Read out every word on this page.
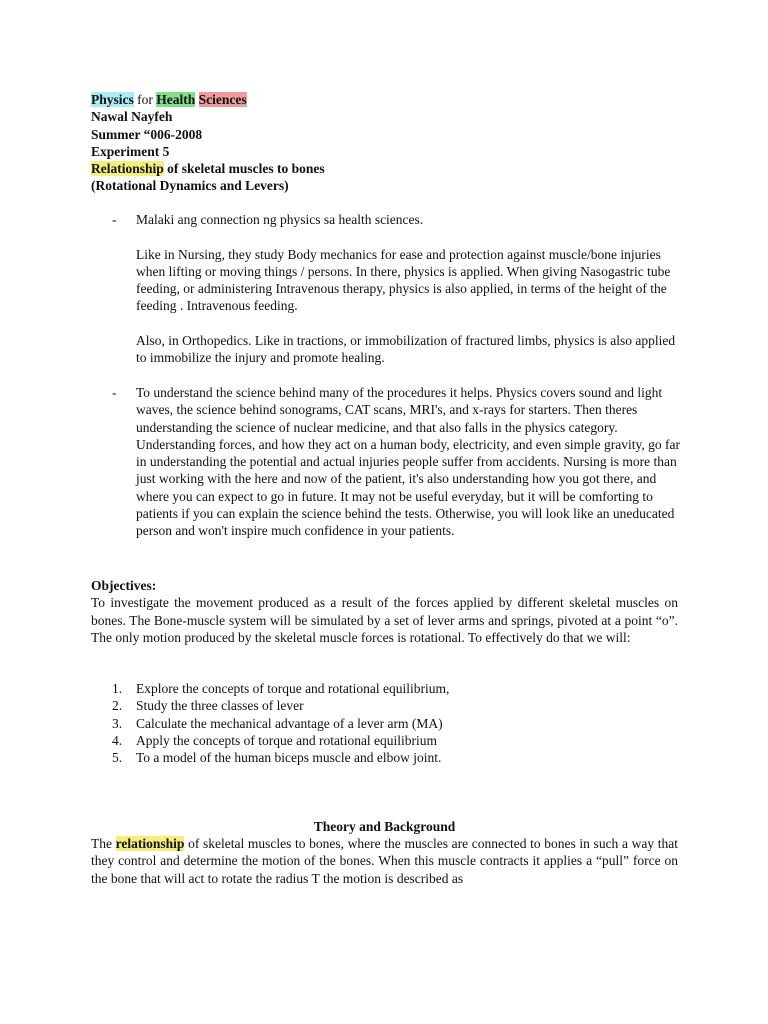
Physics for Health Sciences
Nawal Nayfeh
Summer “006-2008
Experiment 5
Relationship of skeletal muscles to bones
(Rotational Dynamics and Levers)
- Malaki ang connection ng physics sa health sciences.

Like in Nursing, they study Body mechanics for ease and protection against muscle/bone injuries when lifting or moving things / persons. In there, physics is applied. When giving Nasogastric tube feeding, or administering Intravenous therapy, physics is also applied, in terms of the height of the feeding . Intravenous feeding.

Also, in Orthopedics. Like in tractions, or immobilization of fractured limbs, physics is also applied to immobilize the injury and promote healing.

- To understand the science behind many of the procedures it helps. Physics covers sound and light waves, the science behind sonograms, CAT scans, MRI's, and x-rays for starters. Then theres understanding the science of nuclear medicine, and that also falls in the physics category. Understanding forces, and how they act on a human body, electricity, and even simple gravity, go far in understanding the potential and actual injuries people suffer from accidents. Nursing is more than just working with the here and now of the patient, it's also understanding how you got there, and where you can expect to go in future. It may not be useful everyday, but it will be comforting to patients if you can explain the science behind the tests. Otherwise, you will look like an uneducated person and won't inspire much confidence in your patients.

Objectives:
To investigate the movement produced as a result of the forces applied by different skeletal muscles on bones. The Bone-muscle system will be simulated by a set of lever arms and springs, pivoted at a point “o”. The only motion produced by the skeletal muscle forces is rotational. To effectively do that we will:
1. Explore the concepts of torque and rotational equilibrium,
2. Study the three classes of lever
3. Calculate the mechanical advantage of a lever arm (MA)
4. Apply the concepts of torque and rotational equilibrium
5. To a model of the human biceps muscle and elbow joint.
Theory and Background
The relationship of skeletal muscles to bones, where the muscles are connected to bones in such a way that they control and determine the motion of the bones. When this muscle contracts it applies a “pull” force on the bone that will act to rotate the radius T the motion is described as
